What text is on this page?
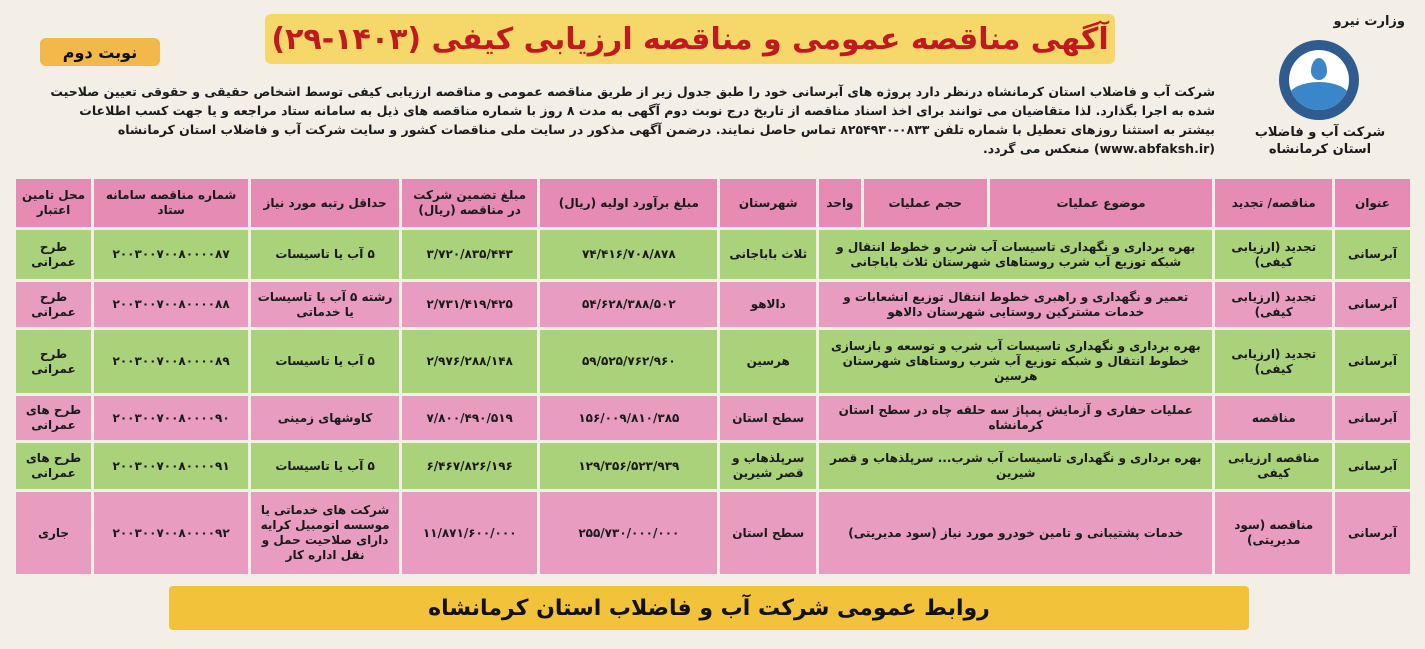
وزارت نیرو
آگهی مناقصه عمومی و مناقصه ارزیابی کیفی (۱۴۰۳-۲۹)
نوبت دوم
شرکت آب و فاضلاب استان کرمانشاه

شرکت آب و فاضلاب استان کرمانشاه درنظر دارد پروژه های آبرسانی خود را طبق جدول زیر از طریق مناقصه عمومی و مناقصه ارزیابی کیفی توسط اشخاص حقیقی و حقوقی تعیین صلاحیت

شده به اجرا بگذارد. لذا متقاضیان می توانند برای اخذ اسناد مناقصه از تاریخ درج نوبت دوم آگهی به مدت ۸ روز با شماره مناقصه های ذیل به سامانه ستاد مراجعه و یا جهت کسب اطلاعات

بیشتر به استثنا روزهای تعطیل با شماره تلفن ۰۸۳۳-۸۲۵۴۹۳۰ تماس حاصل نمایند. درضمن آگهی مذکور در سایت ملی مناقصات کشور و سایت شرکت آب و فاضلاب استان کرمانشاه

(www.abfaksh.ir) منعکس می گردد.

عنوان	مناقصه/ تجدید	موضوع عملیات	حجم عملیات	واحد	شهرستان	مبلغ برآورد اولیه (ریال)	مبلغ تضمین شرکت در مناقصه (ریال)	حداقل رتبه مورد نیاز	شماره مناقصه سامانه ستاد	محل تامین اعتبار
آبرسانی	تجدید (ارزیابی کیفی)	بهره برداری و نگهداری تاسیسات آب شرب و خطوط انتقال و شبکه توزیع آب شرب روستاهای شهرستان ثلاث باباجانی			ثلاث باباجانی	۷۴/۴۱۶/۷۰۸/۸۷۸	۳/۷۲۰/۸۳۵/۴۴۳	۵ آب یا تاسیسات	۲۰۰۳۰۰۷۰۰۸۰۰۰۰۸۷	طرح عمرانی
آبرسانی	تجدید (ارزیابی کیفی)	تعمیر و نگهداری و راهبری خطوط انتقال توزیع انشعابات و خدمات مشترکین روستایی شهرستان دالاهو			دالاهو	۵۴/۶۲۸/۳۸۸/۵۰۲	۲/۷۳۱/۴۱۹/۴۲۵	رشته ۵ آب یا تاسیسات یا خدماتی	۲۰۰۳۰۰۷۰۰۸۰۰۰۰۸۸	طرح عمرانی
آبرسانی	تجدید (ارزیابی کیفی)	بهره برداری و نگهداری تاسیسات آب شرب و توسعه و بازسازی خطوط انتقال و شبکه توزیع آب شرب روستاهای شهرستان هرسین			هرسین	۵۹/۵۲۵/۷۶۲/۹۶۰	۲/۹۷۶/۲۸۸/۱۴۸	۵ آب یا تاسیسات	۲۰۰۳۰۰۷۰۰۸۰۰۰۰۸۹	طرح عمرانی
آبرسانی	مناقصه	عملیات حفاری و آزمایش پمپاژ سه حلقه چاه در سطح استان کرمانشاه			سطح استان	۱۵۶/۰۰۹/۸۱۰/۳۸۵	۷/۸۰۰/۴۹۰/۵۱۹	کاوشهای زمینی	۲۰۰۳۰۰۷۰۰۸۰۰۰۰۹۰	طرح های عمرانی
آبرسانی	مناقصه ارزیابی کیفی	بهره برداری و نگهداری تاسیسات آب شرب... سرپلذهاب و قصر شیرین			سرپلذهاب و قصر شیرین	۱۲۹/۳۵۶/۵۲۳/۹۳۹	۶/۴۶۷/۸۲۶/۱۹۶	۵ آب یا تاسیسات	۲۰۰۳۰۰۷۰۰۸۰۰۰۰۹۱	طرح های عمرانی
آبرسانی	مناقصه (سود مدیریتی)	خدمات پشتیبانی و تامین خودرو مورد نیاز (سود مدیریتی)			سطح استان	۲۵۵/۷۳۰/۰۰۰/۰۰۰	۱۱/۸۷۱/۶۰۰/۰۰۰	شرکت های خدماتی یا موسسه اتومبیل کرایه دارای صلاحیت حمل و نقل اداره کار	۲۰۰۳۰۰۷۰۰۸۰۰۰۰۹۲	جاری
روابط عمومی شرکت آب و فاضلاب استان کرمانشاه
